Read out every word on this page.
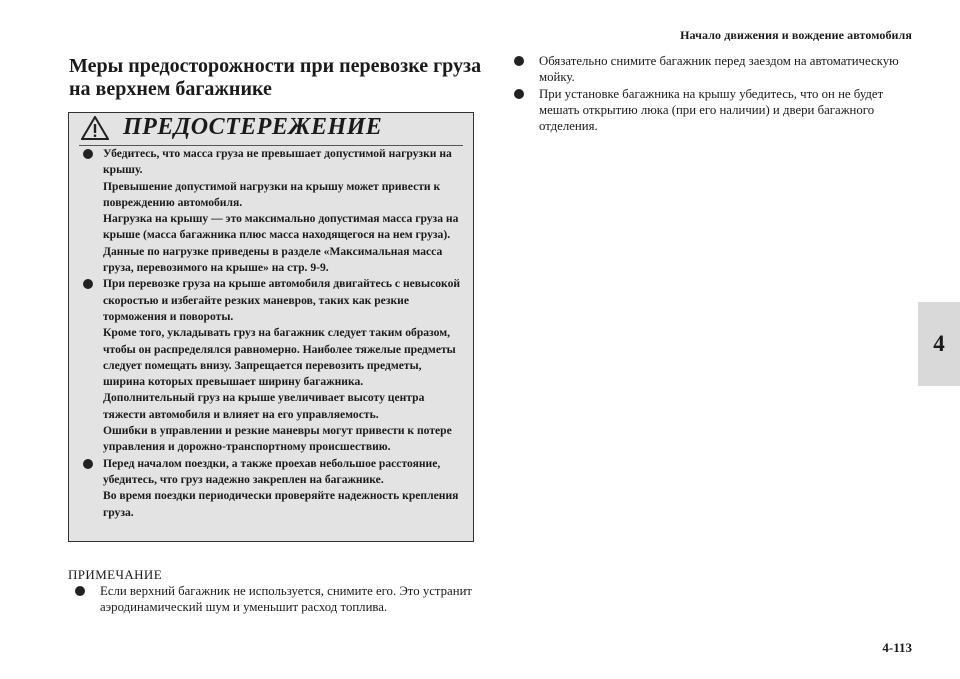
Начало движения и вождение автомобиля
4
Меры предосторожности при перевозке груза
на верхнем багажнике
ПРЕДОСТЕРЕЖЕНИЕ

Убедитесь, что масса груза не превышает допустимой нагрузки на крышу.

Превышение допустимой нагрузки на крышу может привести к повреждению автомобиля.

Нагрузка на крышу — это максимально допустимая масса груза на крыше (масса багажника плюс масса находящегося на нем груза).

Данные по нагрузке приведены в разделе «Максимальная масса груза, перевозимого на крыше» на стр. 9-9.

При перевозке груза на крыше автомобиля двигайтесь с невысокой скоростью и избегайте резких маневров, таких как резкие торможения и повороты.

Кроме того, укладывать груз на багажник следует таким образом, чтобы он распределялся равномерно. Наиболее тяжелые предметы следует помещать внизу. Запрещается перевозить предметы, ширина которых превышает ширину багажника.

Дополнительный груз на крыше увеличивает высоту центра тяжести автомобиля и влияет на его управляемость.

Ошибки в управлении и резкие маневры могут привести к потере управления и дорожно-транспортному происшествию.

Перед началом поездки, а также проехав небольшое расстояние, убедитесь, что груз надежно закреплен на багажнике.

Во время поездки периодически проверяйте надежность крепления груза.

ПРИМЕЧАНИЕ
Если верхний багажник не используется, снимите его. Это устранит аэродинамический шум и уменьшит расход топлива.
Обязательно снимите багажник перед заездом на автоматическую мойку.
При установке багажника на крышу убедитесь, что он не будет мешать открытию люка (при его наличии) и двери багажного отделения.
4-113
